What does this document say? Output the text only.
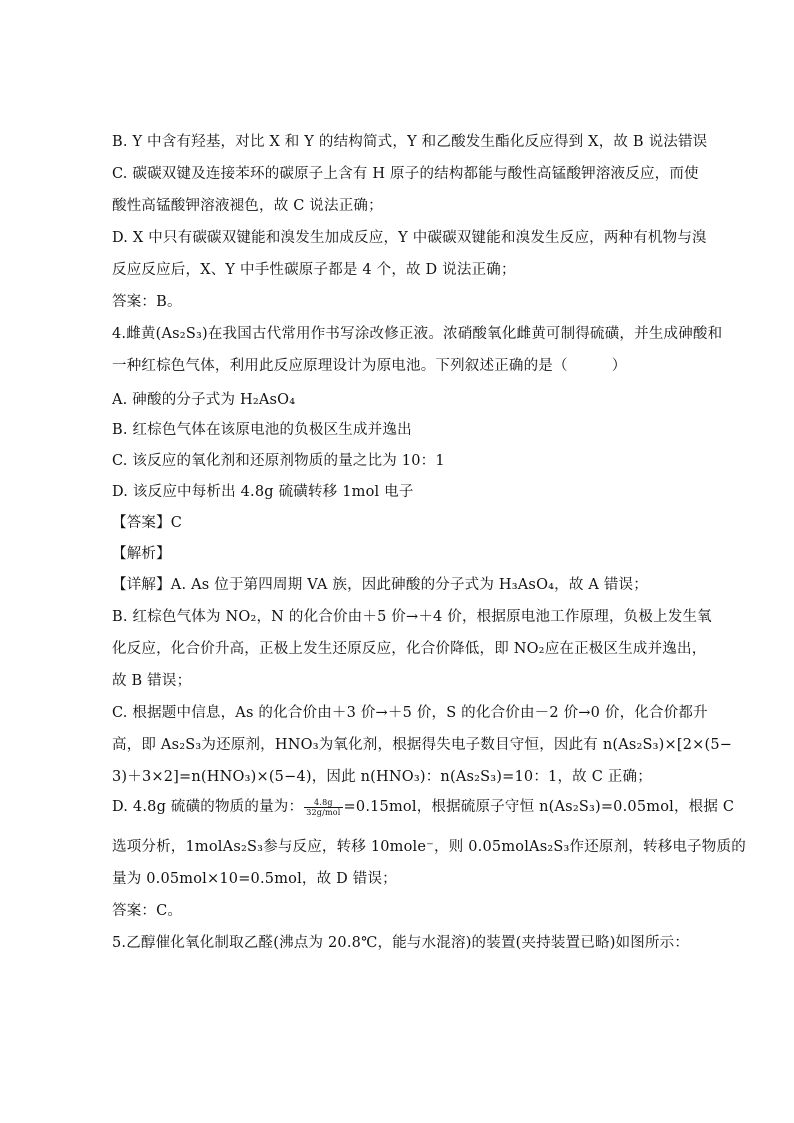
B. Y 中含有羟基，对比 X 和 Y 的结构简式，Y 和乙酸发生酯化反应得到 X，故 B 说法错误
C. 碳碳双键及连接苯环的碳原子上含有 H 原子的结构都能与酸性高锰酸钾溶液反应，而使
酸性高锰酸钾溶液褪色，故 C 说法正确；
D. X 中只有碳碳双键能和溴发生加成反应，Y 中碳碳双键能和溴发生反应，两种有机物与溴
反应反应后，X、Y 中手性碳原子都是 4 个，故 D 说法正确；
答案：B。
4.雌黄(As₂S₃)在我国古代常用作书写涂改修正液。浓硝酸氧化雌黄可制得硫磺，并生成砷酸和
一种红棕色气体，利用此反应原理设计为原电池。下列叙述正确的是（　　　）
A. 砷酸的分子式为 H₂AsO₄
B. 红棕色气体在该原电池的负极区生成并逸出
C. 该反应的氧化剂和还原剂物质的量之比为 10：1
D. 该反应中每析出 4.8g 硫磺转移 1mol 电子
【答案】C
【解析】
【详解】A. As 位于第四周期 VA 族，因此砷酸的分子式为 H₃AsO₄，故 A 错误；
B. 红棕色气体为 NO₂，N 的化合价由＋5 价→＋4 价，根据原电池工作原理，负极上发生氧
化反应，化合价升高，正极上发生还原反应，化合价降低，即 NO₂应在正极区生成并逸出，
故 B 错误；
C. 根据题中信息，As 的化合价由＋3 价→＋5 价，S 的化合价由－2 价→0 价，化合价都升
高，即 As₂S₃为还原剂，HNO₃为氧化剂，根据得失电子数目守恒，因此有 n(As₂S₃)×[2×(5−
3)＋3×2]=n(HNO₃)×(5−4)，因此 n(HNO₃)：n(As₂S₃)=10：1，故 C 正确；
D. 4.8g 硫磺的物质的量为： $\frac{4.8g}{\text{32g/mol}} =0.15mol$，根据硫原子守恒 n(As₂S₃)=0.05mol，根据 C
选项分析，1molAs₂S₃参与反应，转移 10mole⁻，则 0.05molAs₂S₃作还原剂，转移电子物质的
量为 0.05mol×10=0.5mol，故 D 错误；
答案：C。
5.乙醇催化氧化制取乙醛(沸点为 20.8℃，能与水混溶)的装置(夹持装置已略)如图所示：
